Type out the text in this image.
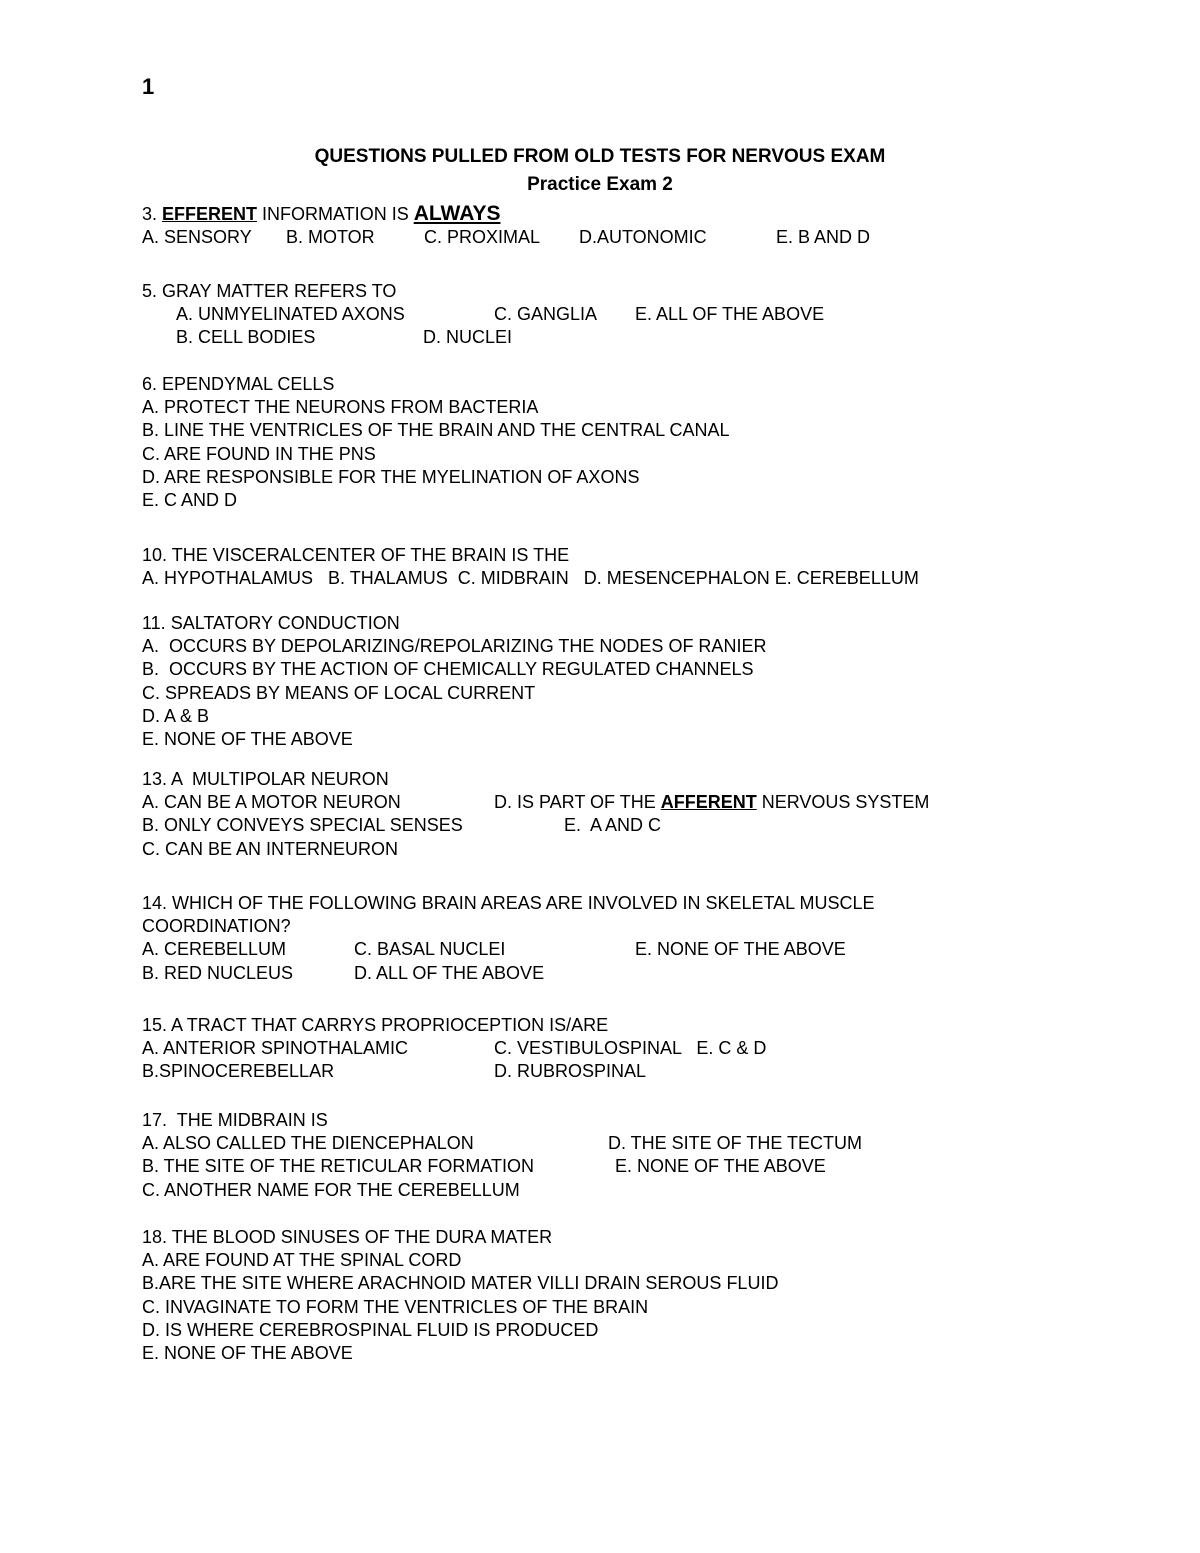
1
QUESTIONS PULLED FROM OLD TESTS FOR NERVOUS EXAM
Practice Exam 2
3. EFFERENT INFORMATION IS ALWAYS
A. SENSORY B. MOTOR	C. PROXIMAL D.AUTONOMIC	E. B AND D
5. GRAY MATTER REFERS TO
A. UNMYELINATED AXONS	C. GANGLIA E. ALL OF THE ABOVE
B. CELL BODIES	D. NUCLEI
6. EPENDYMAL CELLS
A. PROTECT THE NEURONS FROM BACTERIA
B. LINE THE VENTRICLES OF THE BRAIN AND THE CENTRAL CANAL
C. ARE FOUND IN THE PNS
D. ARE RESPONSIBLE FOR THE MYELINATION OF AXONS
E. C AND D
10. THE VISCERALCENTER OF THE BRAIN IS THE
A. HYPOTHALAMUS   B. THALAMUS  C. MIDBRAIN   D. MESENCEPHALON E. CEREBELLUM
11. SALTATORY CONDUCTION
A.  OCCURS BY DEPOLARIZING/REPOLARIZING THE NODES OF RANIER
B.  OCCURS BY THE ACTION OF CHEMICALLY REGULATED CHANNELS
C. SPREADS BY MEANS OF LOCAL CURRENT
D. A & B
E. NONE OF THE ABOVE
13. A  MULTIPOLAR NEURON
A. CAN BE A MOTOR NEURON	D. IS PART OF THE AFFERENT NERVOUS SYSTEM
B. ONLY CONVEYS SPECIAL SENSES	E.  A AND C
C. CAN BE AN INTERNEURON
14. WHICH OF THE FOLLOWING BRAIN AREAS ARE INVOLVED IN SKELETAL MUSCLE
COORDINATION?
A. CEREBELLUM	C. BASAL NUCLEI	E. NONE OF THE ABOVE
B. RED NUCLEUS	D. ALL OF THE ABOVE
15. A TRACT THAT CARRYS PROPRIOCEPTION IS/ARE
A. ANTERIOR SPINOTHALAMIC	C. VESTIBULOSPINAL   E. C & D
B.SPINOCEREBELLAR	D. RUBROSPINAL
17.  THE MIDBRAIN IS
A. ALSO CALLED THE DIENCEPHALON	D. THE SITE OF THE TECTUM
B. THE SITE OF THE RETICULAR FORMATION	E. NONE OF THE ABOVE
C. ANOTHER NAME FOR THE CEREBELLUM
18. THE BLOOD SINUSES OF THE DURA MATER
A. ARE FOUND AT THE SPINAL CORD
B.ARE THE SITE WHERE ARACHNOID MATER VILLI DRAIN SEROUS FLUID
C. INVAGINATE TO FORM THE VENTRICLES OF THE BRAIN
D. IS WHERE CEREBROSPINAL FLUID IS PRODUCED
E. NONE OF THE ABOVE
